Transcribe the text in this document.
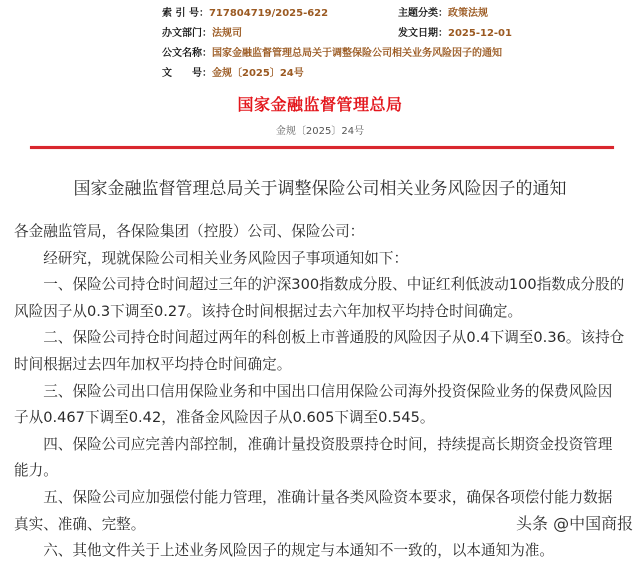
索 引 号：717804719/2025-622	主题分类：政策法规
办文部门：法规司	发文日期：2025-12-01
公文名称：国家金融监督管理总局关于调整保险公司相关业务风险因子的通知
文　　号：金规〔2025〕24号
国家金融监督管理总局
金规〔2025〕24号
国家金融监督管理总局关于调整保险公司相关业务风险因子的通知

各金融监管局，各保险集团（控股）公司、保险公司：

经研究，现就保险公司相关业务风险因子事项通知如下：

一、保险公司持仓时间超过三年的沪深300指数成分股、中证红利低波动100指数成分股的风险因子从0.3下调至0.27。该持仓时间根据过去六年加权平均持仓时间确定。

二、保险公司持仓时间超过两年的科创板上市普通股的风险因子从0.4下调至0.36。该持仓时间根据过去四年加权平均持仓时间确定。

三、保险公司出口信用保险业务和中国出口信用保险公司海外投资保险业务的保费风险因子从0.467下调至0.42，准备金风险因子从0.605下调至0.545。

四、保险公司应完善内部控制，准确计量投资股票持仓时间，持续提高长期资金投资管理能力。

五、保险公司应加强偿付能力管理，准确计量各类风险资本要求，确保各项偿付能力数据真实、准确、完整。

六、其他文件关于上述业务风险因子的规定与本通知不一致的，以本通知为准。

头条 @中国商报
